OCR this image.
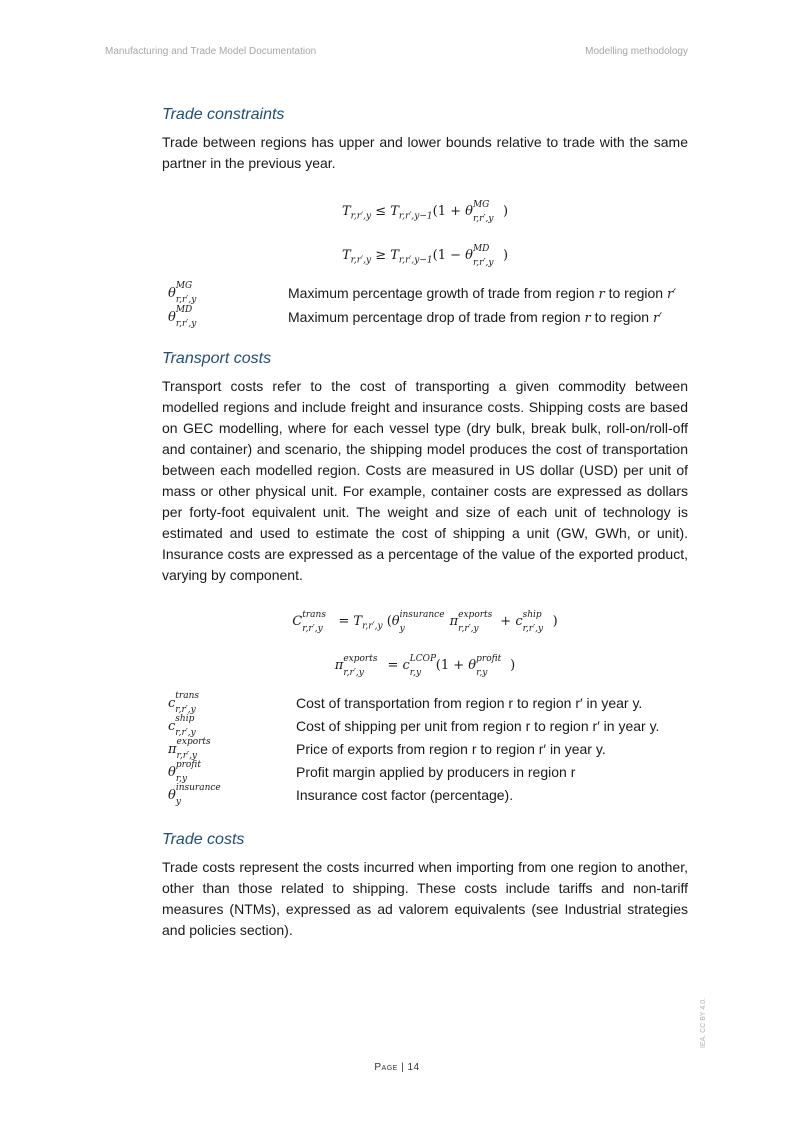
Manufacturing and Trade Model Documentation	Modelling methodology
Trade constraints

Trade between regions has upper and lower bounds relative to trade with the same partner in the previous year.

$T_{r,r',y} \le T_{r,r',y-1}(1 + \theta$ MG
r,r′,y )
$T_{r,r',y} \ge T_{r,r',y-1}(1 - \theta$ MD
r,r′,y )
θ MG
r,r′,y	Maximum percentage growth of trade from region r to region r′
θ MD
r,r′,y	Maximum percentage drop of trade from region r to region r′
Transport costs

Transport costs refer to the cost of transporting a given commodity between modelled regions and include freight and insurance costs. Shipping costs are based on GEC modelling, where for each vessel type (dry bulk, break bulk, roll-on/roll-off and container) and scenario, the shipping model produces the cost of transportation between each modelled region. Costs are measured in US dollar (USD) per unit of mass or other physical unit. For example, container costs are expressed as dollars per forty-foot equivalent unit. The weight and size of each unit of technology is estimated and used to estimate the cost of shipping a unit (GW, GWh, or unit). Insurance costs are expressed as a percentage of the value of the exported product, varying by component.

C trans
$r,r',y = T_{r,r',y}$ (θ insurance
y	π exports
r,r′,y + c ship
r,r′,y )
π exports
r,r′,y = c LCOP
r,y (1 + θ profit
r,y )
c trans
r,r′,y	Cost of transportation from region r to region r′ in year y.
c ship
r,r′,y	Cost of shipping per unit from region r to region r′ in year y.
π exports
r,r′,y	Price of exports from region r to region r′ in year y.
θ profit
r,y	Profit margin applied by producers in region r
θ insurance
y	Insurance cost factor (percentage).
Trade costs

Trade costs represent the costs incurred when importing from one region to another, other than those related to shipping. These costs include tariffs and non-tariff measures (NTMs), expressed as ad valorem equivalents (see Industrial strategies and policies section).

Page | 14
IEA. CC BY 4.0.
